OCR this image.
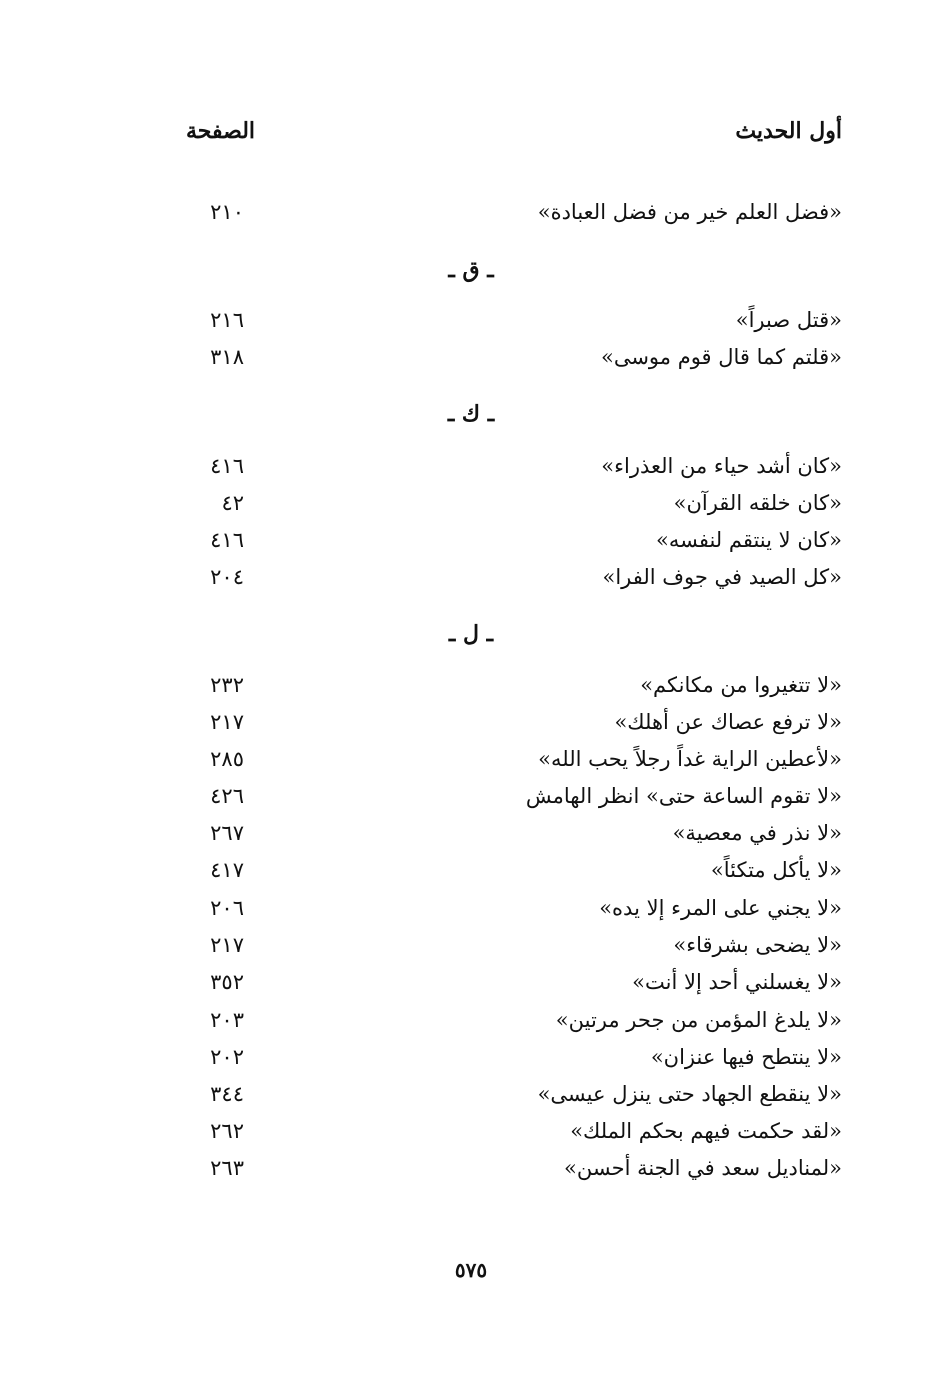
أول الحديث
الصفحة
«فضل العلم خير من فضل العبادة»
٢١٠
ـ ق ـ
«قتل صبراً»
٢١٦
«قلتم كما قال قوم موسى»
٣١٨
ـ ك ـ
«كان أشد حياء من العذراء»
٤١٦
«كان خلقه القرآن»
٤٢
«كان لا ينتقم لنفسه»
٤١٦
«كل الصيد في جوف الفرا»
٢٠٤
ـ ل ـ
«لا تتغيروا من مكانكم»
٢٣٢
«لا ترفع عصاك عن أهلك»
٢١٧
«لأعطين الراية غداً رجلاً يحب الله»
٢٨٥
«لا تقوم الساعة حتى» انظر الهامش
٤٢٦
«لا نذر في معصية»
٢٦٧
«لا يأكل متكئاً»
٤١٧
«لا يجني على المرء إلا يده»
٢٠٦
«لا يضحى بشرقاء»
٢١٧
«لا يغسلني أحد إلا أنت»
٣٥٢
«لا يلدغ المؤمن من جحر مرتين»
٢٠٣
«لا ينتطح فيها عنزان»
٢٠٢
«لا ينقطع الجهاد حتى ينزل عيسى»
٣٤٤
«لقد حكمت فيهم بحكم الملك»
٢٦٢
«لمناديل سعد في الجنة أحسن»
٢٦٣
٥٧٥
